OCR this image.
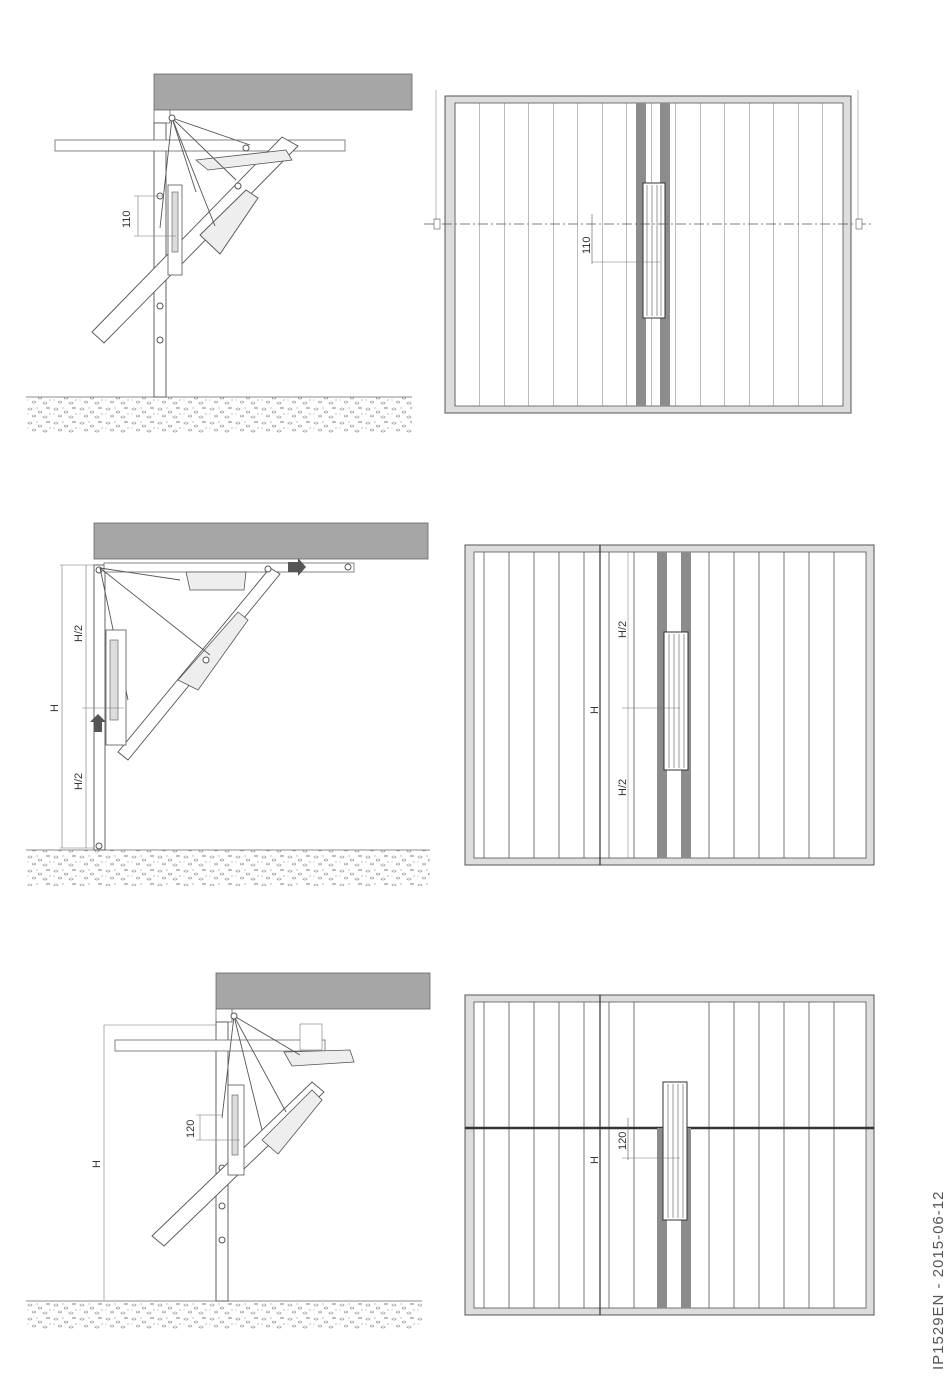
110
110
H
H/2
H/2
H
H/2
H/2
H
120
H
120
IP1529EN - 2015-06-12
